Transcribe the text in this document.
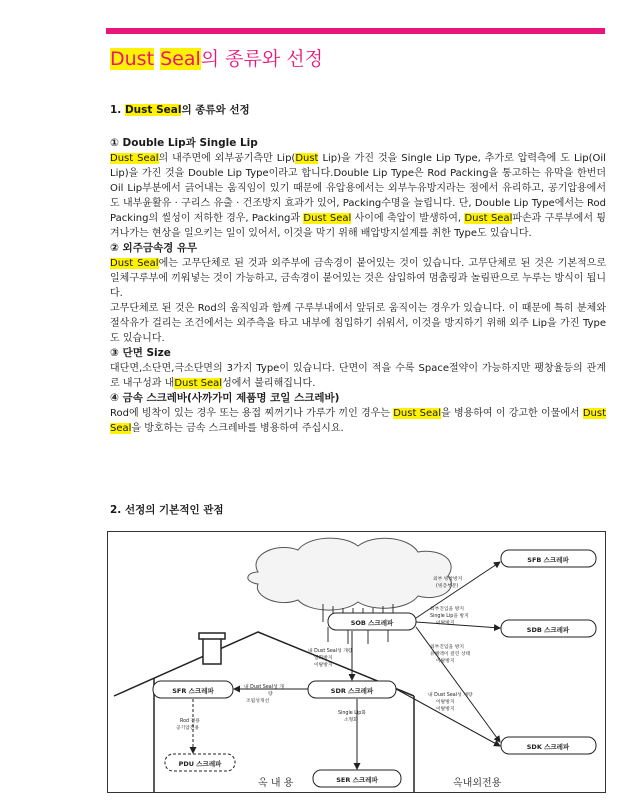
Dust Seal의 종류와 선정

1. Dust Seal의 종류와 선정

① Double Lip과 Single Lip

Dust Seal의 내주면에 외부공기측만 Lip(Dust Lip)을 가진 것을 Single Lip Type, 추가로 압력측에 도 Lip(Oil Lip)을 가진 것을 Double Lip Type이라고 합니다.Double Lip Type은 Rod Packing을 통고하는 유막을 한번더 Oil Lip부분에서 긁어내는 움직임이 있기 때문에 유압용에서는 외부누유방지라는 점에서 유리하고, 공기압용에서도 내부윤활유 · 구리스 유출 · 건조방지 효과가 있어, Packing수명을 늘립니다. 단, Double Lip Type에서는 Rod Packing의 씰성이 저하한 경우, Packing과 Dust Seal 사이에 축압이 발생하여, Dust Seal파손과 구루부에서 튕겨나가는 현상을 일으키는 일이 있어서, 이것을 막기 위해 배압방지설계를 취한 Type도 있습니다.

② 외주금속경 유무

Dust Seal에는 고무단체로 된 것과 외주부에 금속경이 붙어있는 것이 있습니다. 고무단체로 된 것은 기본적으로 일체구루부에 끼워넣는 것이 가능하고, 금속경이 붙어있는 것은 삽입하여 멈춤링과 놀림판으로 누루는 방식이 됩니다.

고무단체로 된 것은 Rod의 움직임과 함께 구루부내에서 앞뒤로 움직이는 경우가 있습니다. 이 때문에 특히 분체와 절삭유가 걸리는 조건에서는 외주측을 타고 내부에 침입하기 쉬워서, 이것을 방지하기 위해 외주 Lip을 가진 Type도 있습니다.

③ 단면 Size

대단면,소단면,극소단면의 3가지 Type이 있습니다. 단면이 적을 수록 Space절약이 가능하지만 팽창율등의 관계로 내구성과 내Dust Seal성에서 불리해집니다.

④ 금속 스크레바(사까가미 제품명 코일 스크레바)

Rod에 빙착이 있는 경우 또는 용접 찌꺼기나 가루가 끼인 경우는 Dust Seal을 병용하여 이 강고한 이물에서 Dust Seal을 방호하는 금속 스크레바를 병용하여 주십시요.

2. 선정의 기본적인 관점
SFB 스크레파
SDB 스크레파
SDK 스크레파
SOB 스크레파
SFR 스크레파	SDR 스크레파
PDU 스크레파
SER 스크레파
외부 빙착방지
(빙층부분)
외부진입을 방지
Single Lip을 방지
이탈방지
외부진입을 방지
유해액이 걸린 상태
이탈방지
내 Dust Seal성 개량
열화방지
이탈방지
내 Dust Seal성 개
량
조립성개선
Rod 전용
공기압전용
Single Lip화
소형화
내 Dust Seal성 개량
이탈방지
이탈방지
옥 내 용	옥내외전용
